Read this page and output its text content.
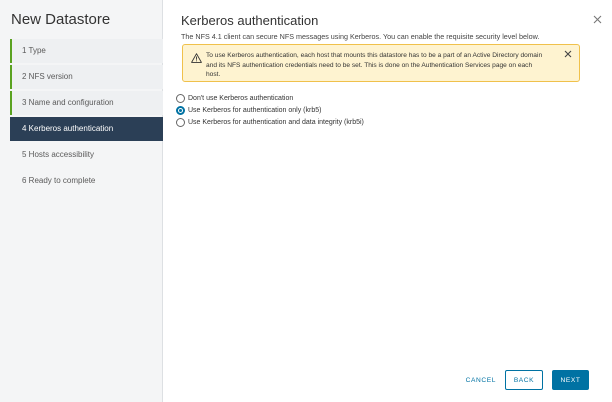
New Datastore
1 Type
2 NFS version
3 Name and configuration
4 Kerberos authentication
5 Hosts accessibility
6 Ready to complete
Kerberos authentication
The NFS 4.1 client can secure NFS messages using Kerberos. You can enable the requisite security level below.
To use Kerberos authentication, each host that mounts this datastore has to be a part of an Active Directory domain and its NFS authentication credentials need to be set. This is done on the Authentication Services page on each host.
Don't use Kerberos authentication
Use Kerberos for authentication only (krb5)
Use Kerberos for authentication and data integrity (krb5i)
CANCEL	BACK	NEXT
